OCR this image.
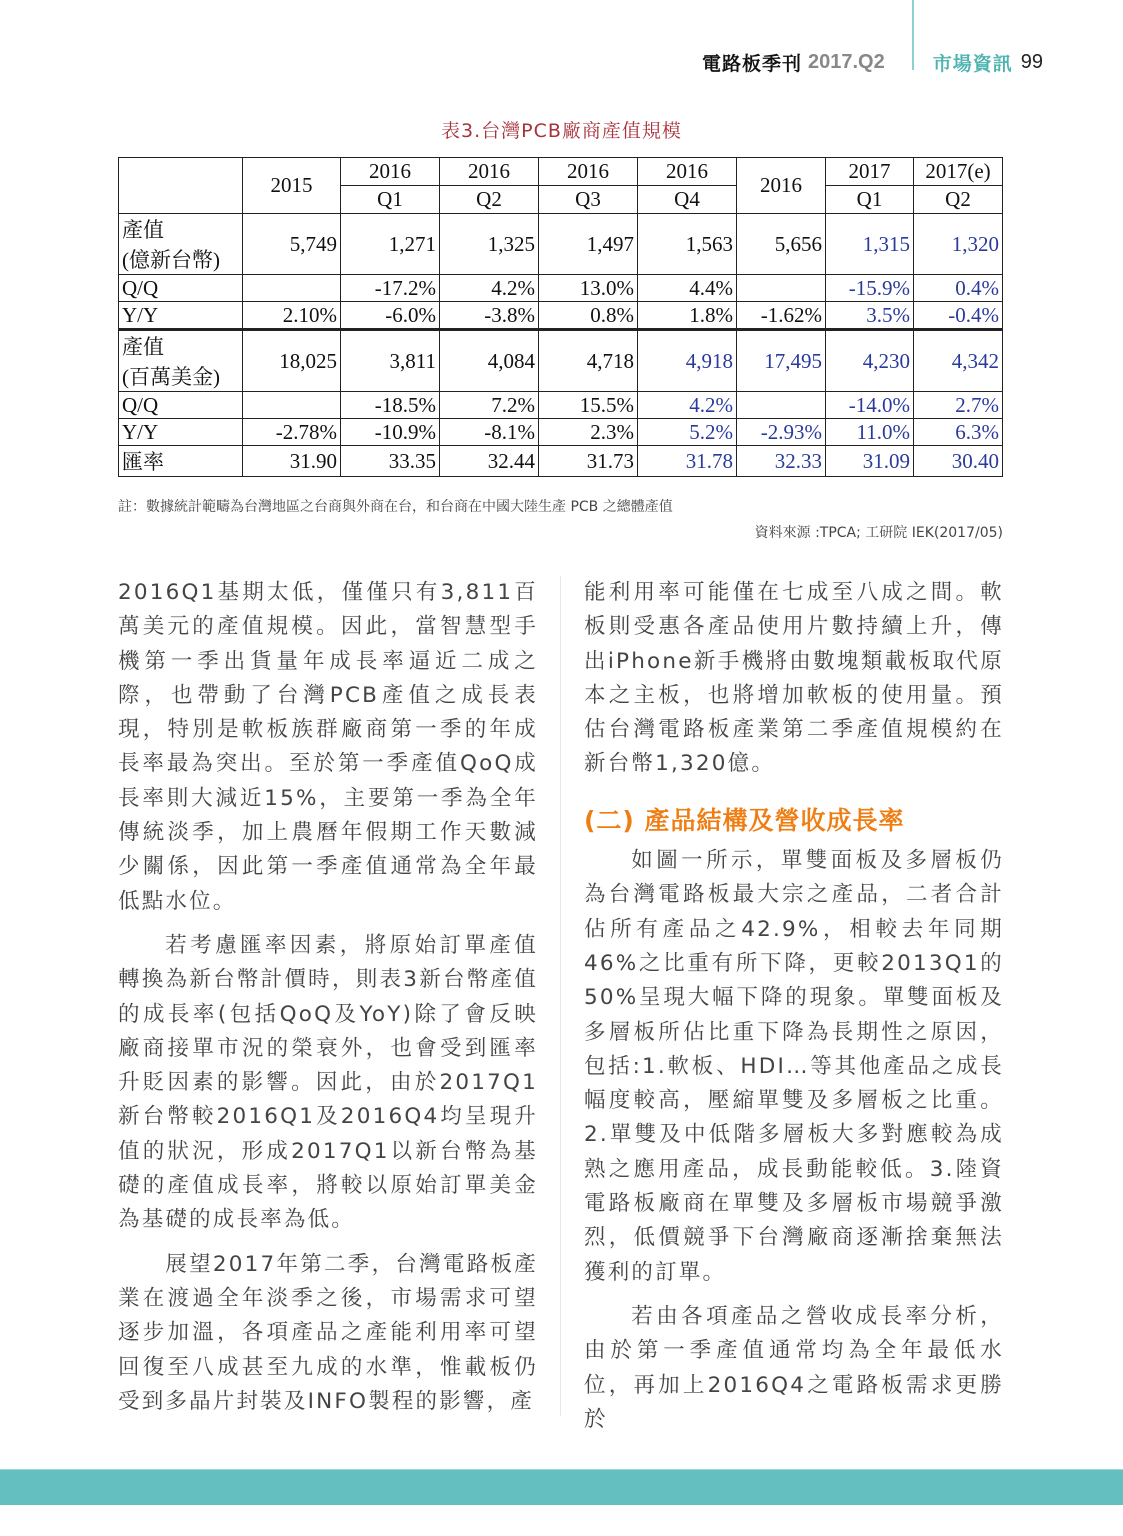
電路板季刊 2017.Q2	市場資訊 99
表3.台灣PCB廠商產值規模
	2015	2016	2016	2016	2016	2016	2017	2017(e)
		Q1	Q2	Q3	Q4		Q1	Q2

產值
(億新台幣)	5,749	1,271	1,325	1,497	1,563	5,656	1,315	1,320

Q/Q		-17.2%	4.2%	13.0%	4.4%		-15.9%	0.4%

Y/Y	2.10%	-6.0%	-3.8%	0.8%	1.8%	-1.62%	3.5%	-0.4%

產值
(百萬美金)	18,025	3,811	4,084	4,718	4,918	17,495	4,230	4,342

Q/Q		-18.5%	7.2%	15.5%	4.2%		-14.0%	2.7%

Y/Y	-2.78%	-10.9%	-8.1%	2.3%	5.2%	-2.93%	11.0%	6.3%

匯率	31.90	33.35	32.44	31.73	31.78	32.33	31.09	30.40
註：數據統計範疇為台灣地區之台商與外商在台，和台商在中國大陸生產 PCB 之總體產值
資料來源 :TPCA; 工研院 IEK(2017/05)

2016Q1基期太低，僅僅只有3,811百萬美元的產值規模。因此，當智慧型手機第一季出貨量年成長率逼近二成之際，也帶動了台灣PCB產值之成長表現，特別是軟板族群廠商第一季的年成長率最為突出。至於第一季產值QoQ成長率則大減近15%，主要第一季為全年傳統淡季，加上農曆年假期工作天數減少關係，因此第一季產值通常為全年最低點水位。

若考慮匯率因素，將原始訂單產值轉換為新台幣計價時，則表3新台幣產值的成長率(包括QoQ及YoY)除了會反映廠商接單市況的榮衰外，也會受到匯率升貶因素的影響。因此，由於2017Q1新台幣較2016Q1及2016Q4均呈現升值的狀況，形成2017Q1以新台幣為基礎的產值成長率，將較以原始訂單美金為基礎的成長率為低。

展望2017年第二季，台灣電路板產業在渡過全年淡季之後，市場需求可望逐步加溫，各項產品之產能利用率可望回復至八成甚至九成的水準，惟載板仍受到多晶片封裝及INFO製程的影響，產

能利用率可能僅在七成至八成之間。軟板則受惠各產品使用片數持續上升，傳出iPhone新手機將由數塊類載板取代原本之主板，也將增加軟板的使用量。預估台灣電路板產業第二季產值規模約在新台幣1,320億。

(二) 產品結構及營收成長率

如圖一所示，單雙面板及多層板仍為台灣電路板最大宗之產品，二者合計佔所有產品之42.9%，相較去年同期46%之比重有所下降，更較2013Q1的50%呈現大幅下降的現象。單雙面板及多層板所佔比重下降為長期性之原因，包括:1.軟板、HDI…等其他產品之成長幅度較高，壓縮單雙及多層板之比重。2.單雙及中低階多層板大多對應較為成熟之應用產品，成長動能較低。3.陸資電路板廠商在單雙及多層板市場競爭激烈，低價競爭下台灣廠商逐漸捨棄無法獲利的訂單。

若由各項產品之營收成長率分析，由於第一季產值通常均為全年最低水位，再加上2016Q4之電路板需求更勝於
